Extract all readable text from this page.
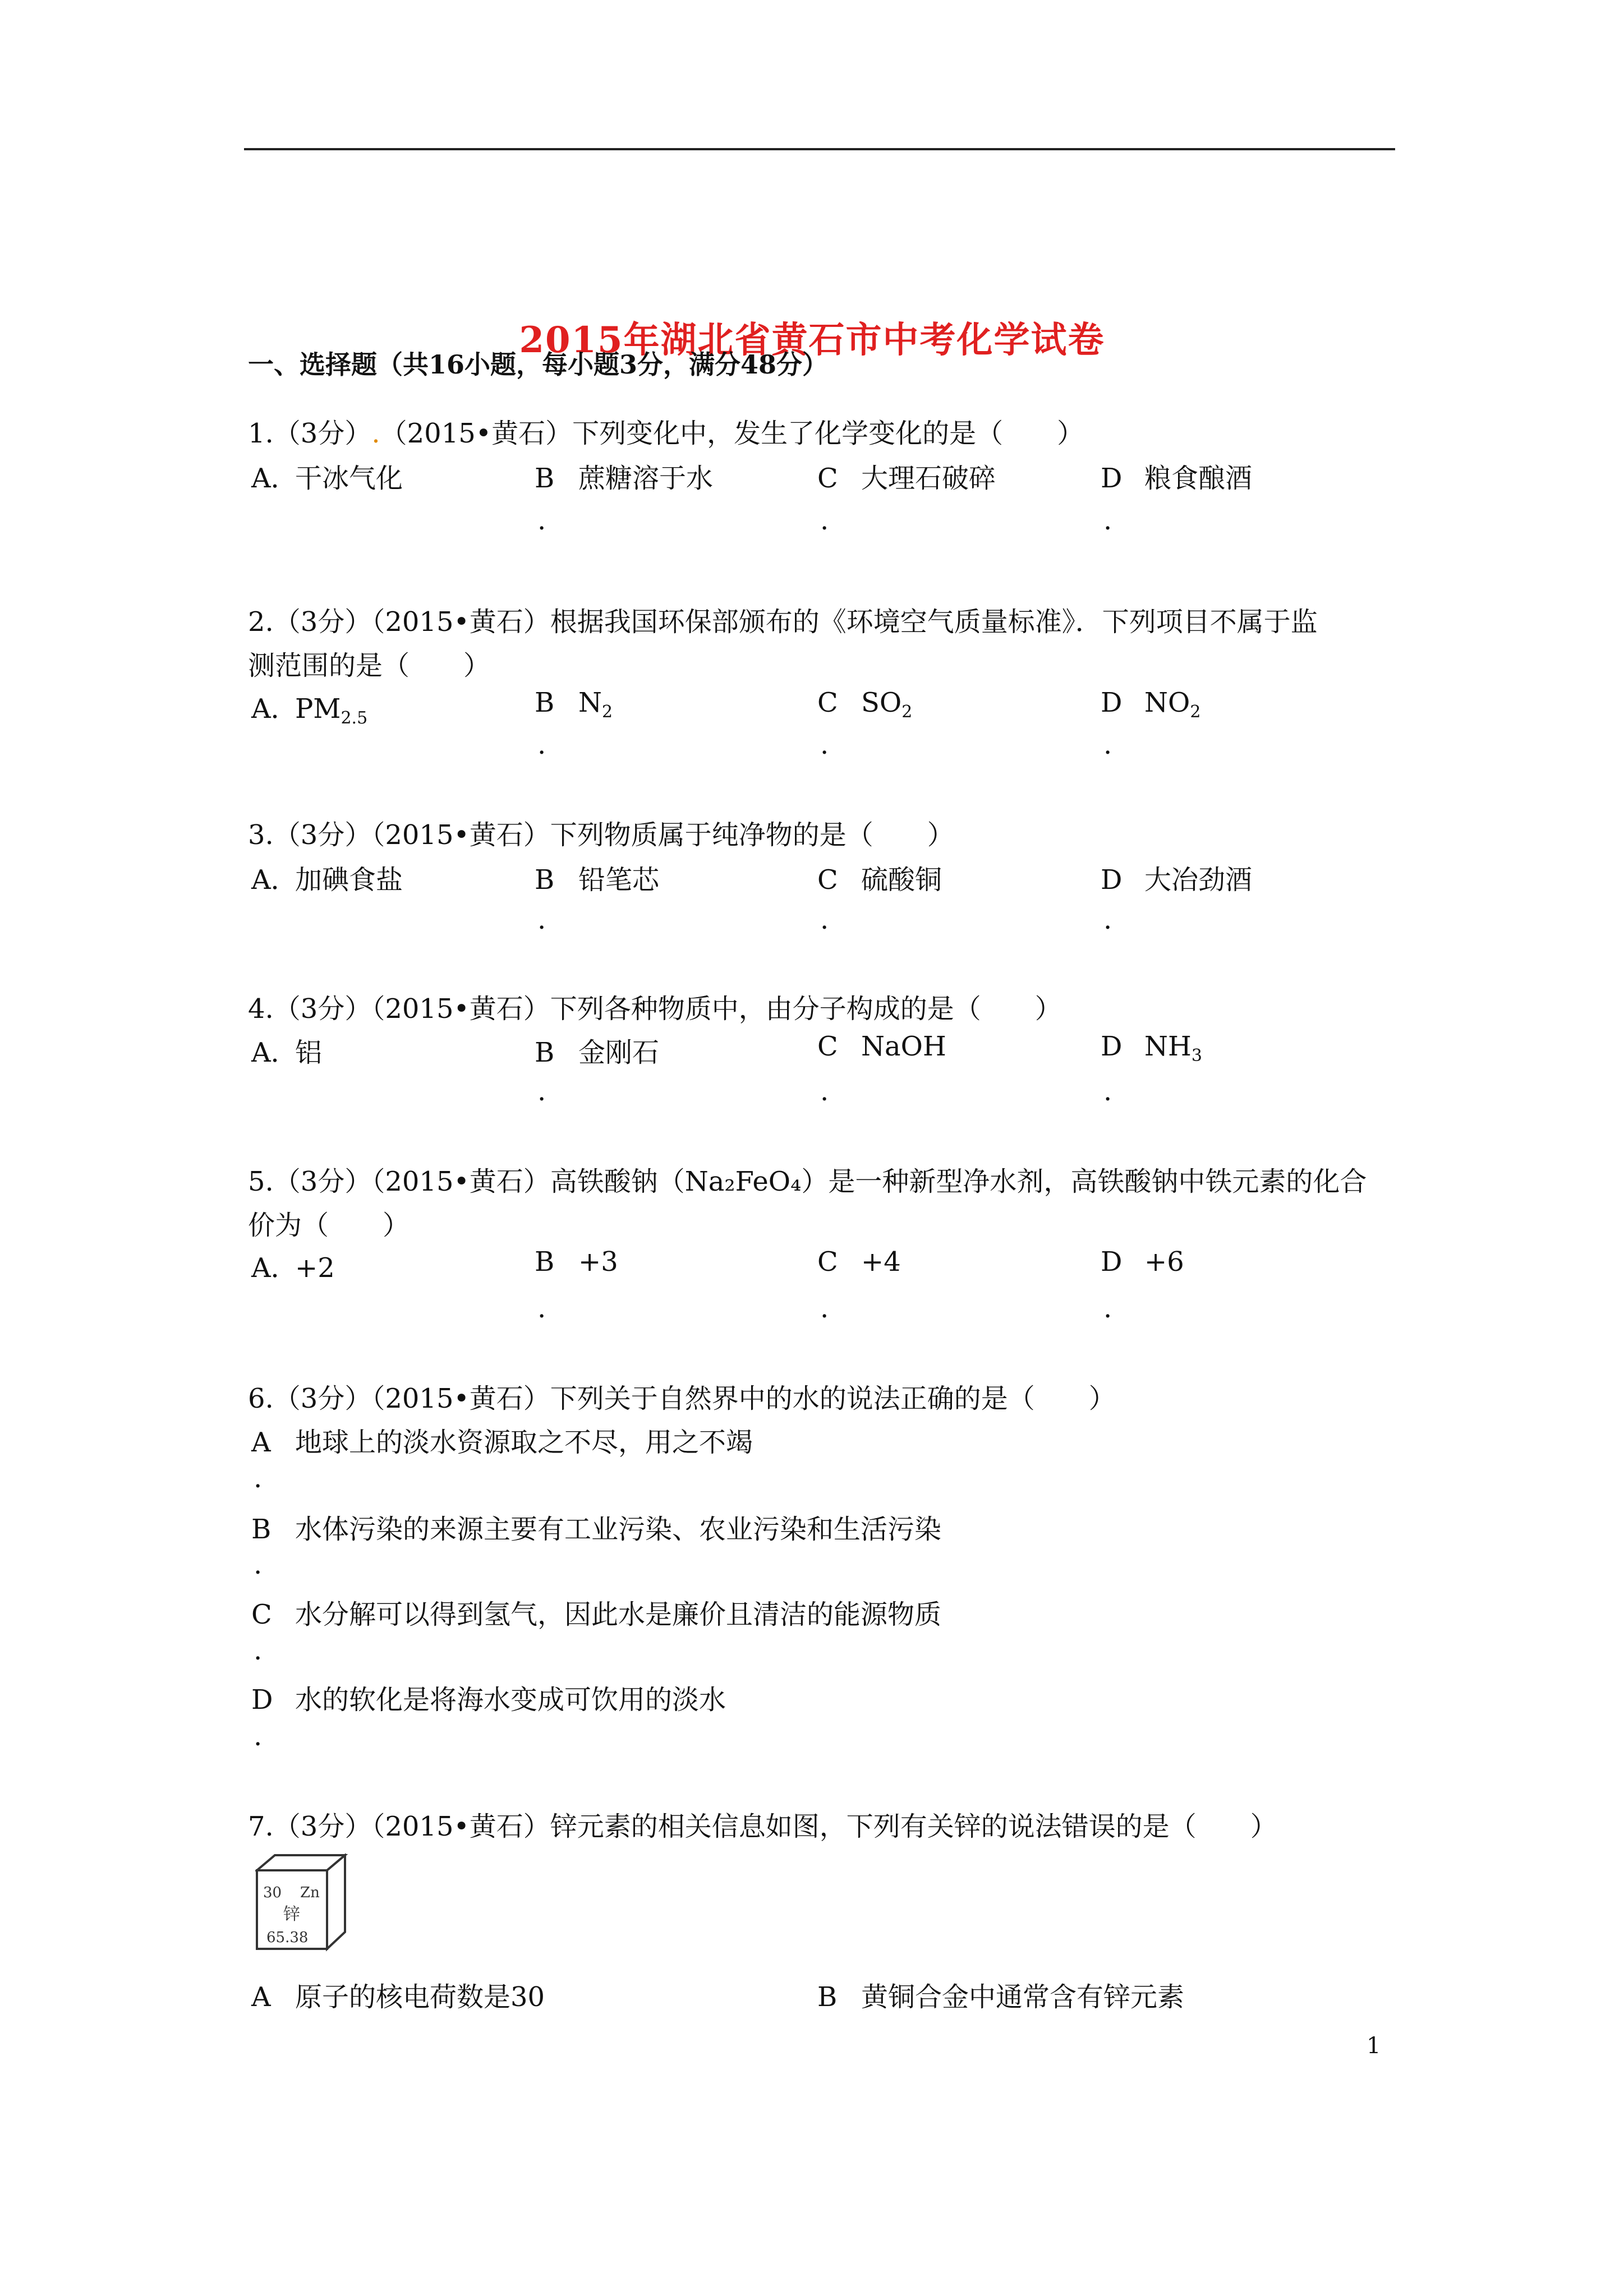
2015年湖北省黄石市中考化学试卷
一、选择题（共16小题，每小题3分，满分48分）
1.（3分）.（2015•黄石）下列变化中，发生了化学变化的是（　　）
A．干冰气化	B 蔗糖溶于水	C 大理石破碎	D 粮食酿酒
.	.	.
2.（3分）（2015•黄石）根据我国环保部颁布的《环境空气质量标准》．下列项目不属于监
测范围的是（　　）
A．$PM_{2.5}$	B $N_2$	C $SO_2$	D $NO_2$
.	.	.
3.（3分）（2015•黄石）下列物质属于纯净物的是（　　）
A．加碘食盐	B 铅笔芯	C 硫酸铜	D 大冶劲酒
.	.	.
4.（3分）（2015•黄石）下列各种物质中，由分子构成的是（　　）
A．铝	B 金刚石	C NaOH	D $NH_3$
.	.	.
5.（3分）（2015•黄石）高铁酸钠（Na₂FeO₄）是一种新型净水剂，高铁酸钠中铁元素的化合
价为（　　）
A．+2	B +3	C +4	D +6
.	.	.
6.（3分）（2015•黄石）下列关于自然界中的水的说法正确的是（　　）
A 地球上的淡水资源取之不尽，用之不竭
.
B 水体污染的来源主要有工业污染、农业污染和生活污染
.
C 水分解可以得到氢气，因此水是廉价且清洁的能源物质
.
D 水的软化是将海水变成可饮用的淡水
.
7.（3分）（2015•黄石）锌元素的相关信息如图，下列有关锌的说法错误的是（　　）
30 Zn
锌
65.38
A 原子的核电荷数是30	B 黄铜合金中通常含有锌元素
1
